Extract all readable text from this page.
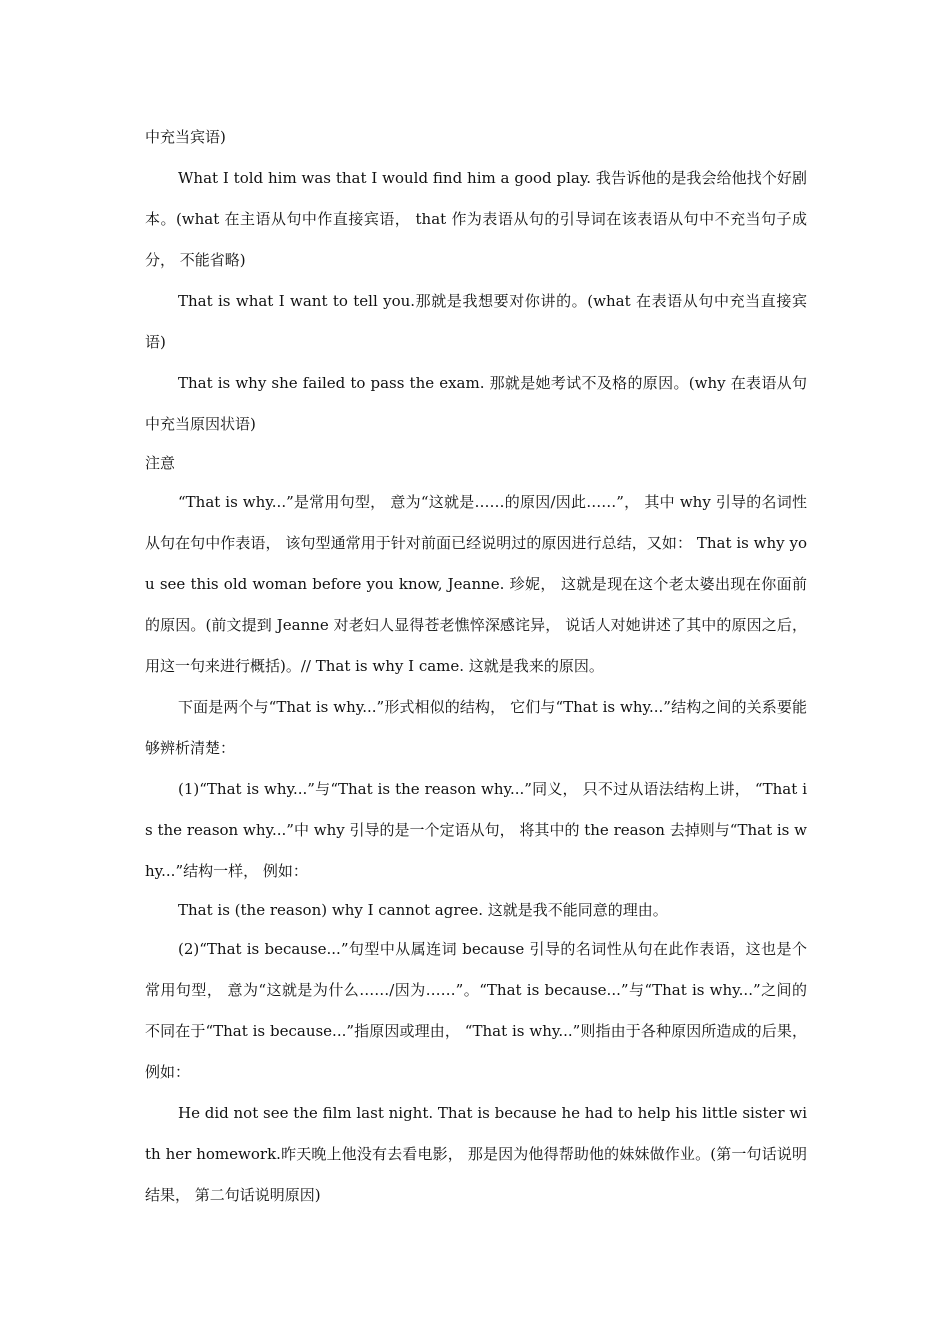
中充当宾语)

What I told him was that I would find him a good play. 我告诉他的是我会给他找个好剧本。(what 在主语从句中作直接宾语， that 作为表语从句的引导词在该表语从句中不充当句子成分， 不能省略)

That is what I want to tell you.那就是我想要对你讲的。(what 在表语从句中充当直接宾语)

That is why she failed to pass the exam. 那就是她考试不及格的原因。(why 在表语从句中充当原因状语)

注意

“That is why...”是常用句型， 意为“这就是……的原因/因此……”， 其中 why 引导的名词性从句在句中作表语， 该句型通常用于针对前面已经说明过的原因进行总结，又如： That is why you see this old woman before you know, Jeanne. 珍妮， 这就是现在这个老太婆出现在你面前的原因。(前文提到 Jeanne 对老妇人显得苍老憔悴深感诧异， 说话人对她讲述了其中的原因之后，用这一句来进行概括)。// That is why I came. 这就是我来的原因。

下面是两个与“That is why...”形式相似的结构， 它们与“That is why...”结构之间的关系要能够辨析清楚：

(1)“That is why...”与“That is the reason why...”同义， 只不过从语法结构上讲， “That is the reason why...”中 why 引导的是一个定语从句， 将其中的 the reason 去掉则与“That is why...”结构一样， 例如：

That is (the reason) why I cannot agree. 这就是我不能同意的理由。

(2)“That is because...”句型中从属连词 because 引导的名词性从句在此作表语，这也是个常用句型， 意为“这就是为什么……/因为……”。“That is because...”与“That is why...”之间的不同在于“That is because...”指原因或理由， “That is why...”则指由于各种原因所造成的后果， 例如：

He did not see the film last night. That is because he had to help his little sister with her homework.昨天晚上他没有去看电影， 那是因为他得帮助他的妹妹做作业。(第一句话说明结果， 第二句话说明原因)
